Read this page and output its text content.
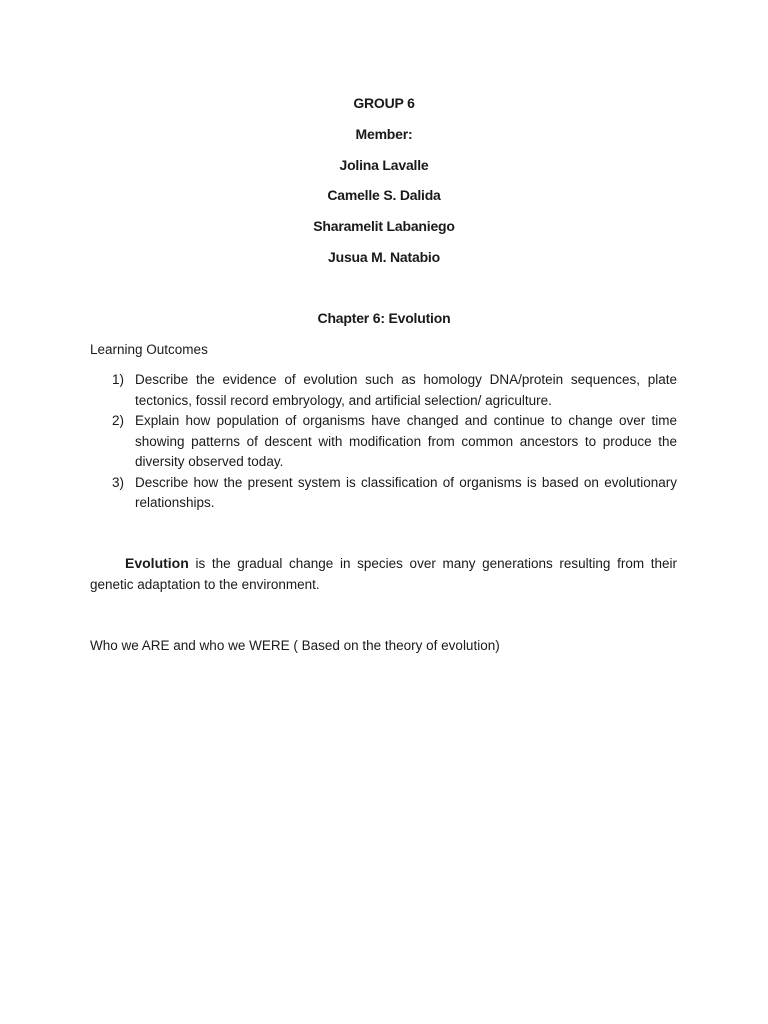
GROUP 6
Member:
Jolina Lavalle
Camelle S. Dalida
Sharamelit Labaniego
Jusua M. Natabio
Chapter 6: Evolution
Learning Outcomes
1) Describe the evidence of evolution such as homology DNA/protein sequences, plate tectonics, fossil record embryology, and artificial selection/ agriculture.
2) Explain how population of organisms have changed and continue to change over time showing patterns of descent with modification from common ancestors to produce the diversity observed today.
3) Describe how the present system is classification of organisms is based on evolutionary relationships.

Evolution is the gradual change in species over many generations resulting from their genetic adaptation to the environment.

Who we ARE and who we WERE ( Based on the theory of evolution)
